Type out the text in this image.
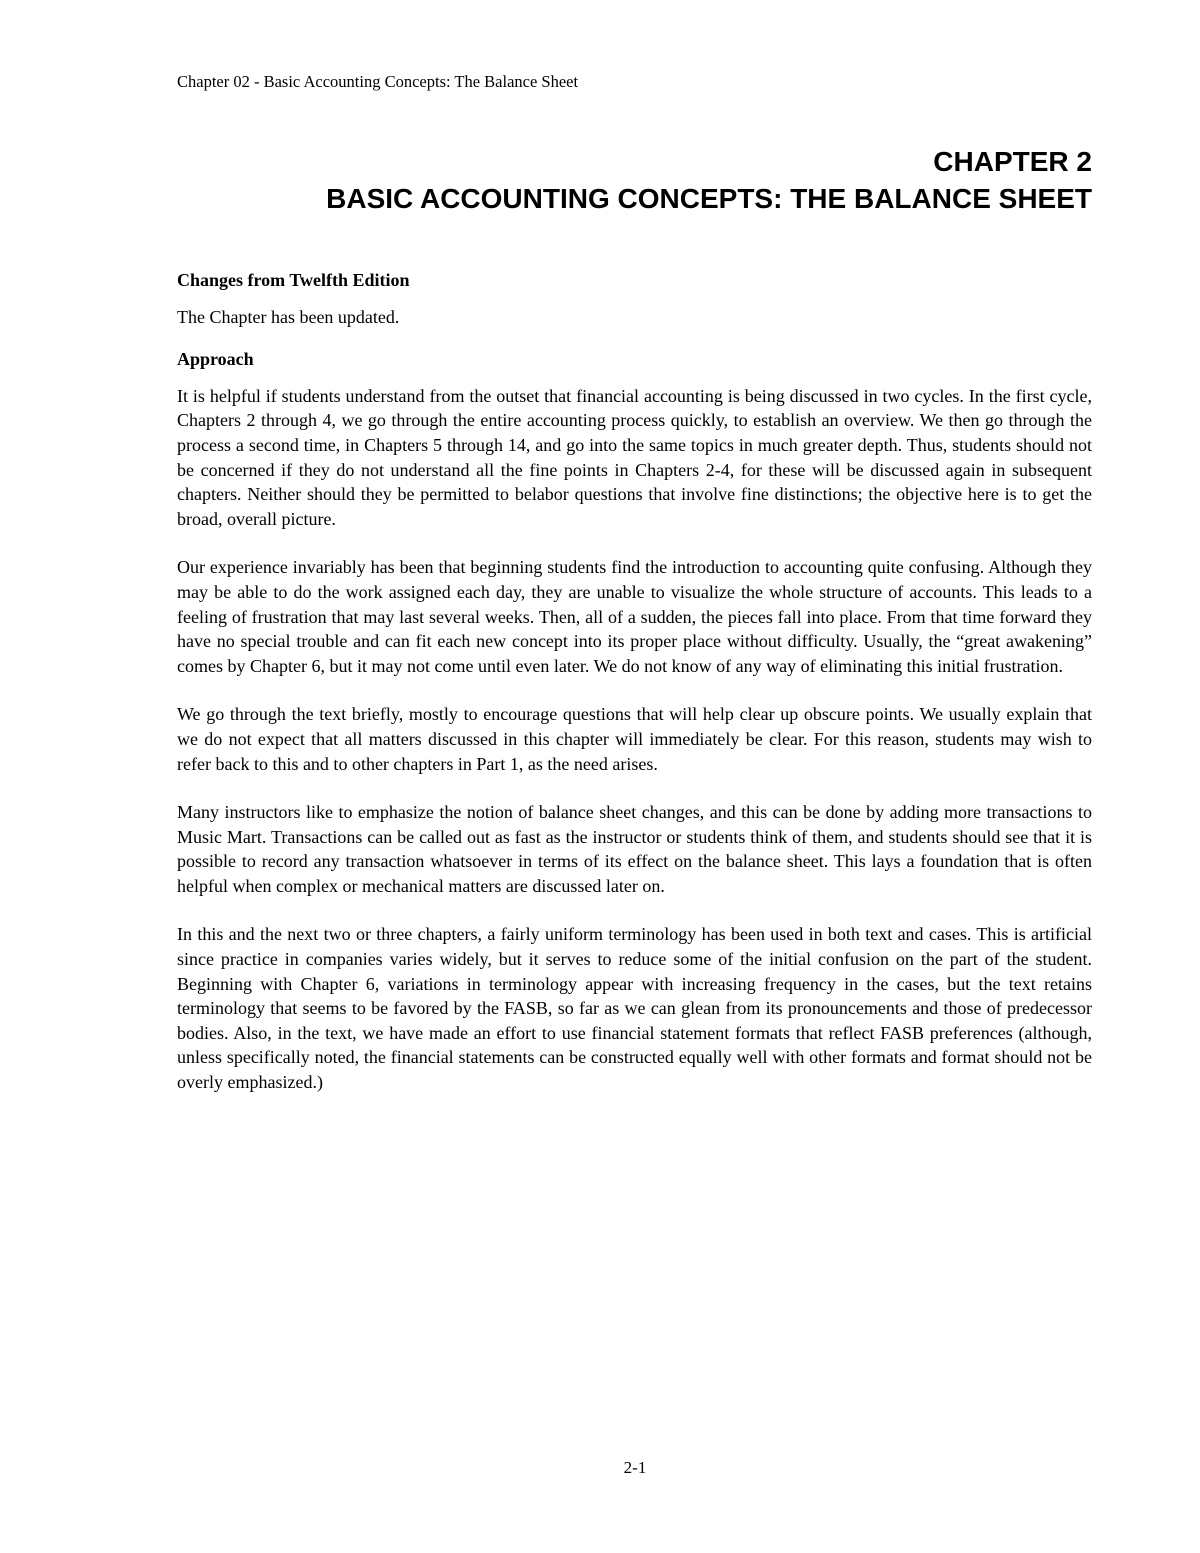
Chapter 02 - Basic Accounting Concepts: The Balance Sheet
CHAPTER 2
BASIC ACCOUNTING CONCEPTS: THE BALANCE SHEET
Changes from Twelfth Edition

The Chapter has been updated.

Approach

It is helpful if students understand from the outset that financial accounting is being discussed in two cycles. In the first cycle, Chapters 2 through 4, we go through the entire accounting process quickly, to establish an overview. We then go through the process a second time, in Chapters 5 through 14, and go into the same topics in much greater depth. Thus, students should not be concerned if they do not understand all the fine points in Chapters 2-4, for these will be discussed again in subsequent chapters. Neither should they be permitted to belabor questions that involve fine distinctions; the objective here is to get the broad, overall picture.

Our experience invariably has been that beginning students find the introduction to accounting quite confusing. Although they may be able to do the work assigned each day, they are unable to visualize the whole structure of accounts. This leads to a feeling of frustration that may last several weeks. Then, all of a sudden, the pieces fall into place. From that time forward they have no special trouble and can fit each new concept into its proper place without difficulty. Usually, the “great awakening” comes by Chapter 6, but it may not come until even later. We do not know of any way of eliminating this initial frustration.

We go through the text briefly, mostly to encourage questions that will help clear up obscure points. We usually explain that we do not expect that all matters discussed in this chapter will immediately be clear. For this reason, students may wish to refer back to this and to other chapters in Part 1, as the need arises.

Many instructors like to emphasize the notion of balance sheet changes, and this can be done by adding more transactions to Music Mart. Transactions can be called out as fast as the instructor or students think of them, and students should see that it is possible to record any transaction whatsoever in terms of its effect on the balance sheet. This lays a foundation that is often helpful when complex or mechanical matters are discussed later on.

In this and the next two or three chapters, a fairly uniform terminology has been used in both text and cases. This is artificial since practice in companies varies widely, but it serves to reduce some of the initial confusion on the part of the student. Beginning with Chapter 6, variations in terminology appear with increasing frequency in the cases, but the text retains terminology that seems to be favored by the FASB, so far as we can glean from its pronouncements and those of predecessor bodies. Also, in the text, we have made an effort to use financial statement formats that reflect FASB preferences (although, unless specifically noted, the financial statements can be constructed equally well with other formats and format should not be overly emphasized.)

2-1
